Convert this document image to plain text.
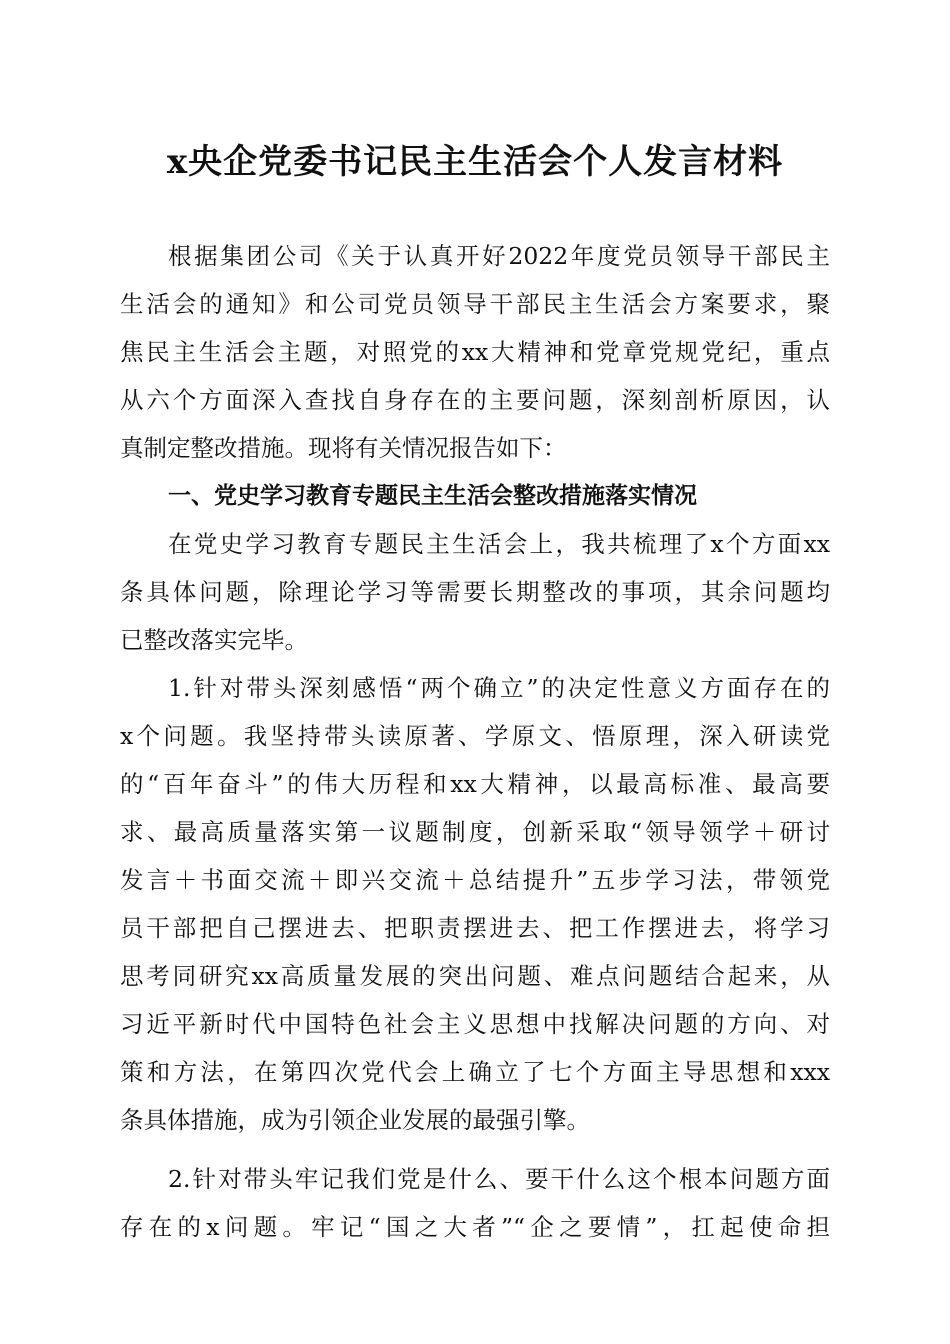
x央企党委书记民主生活会个人发言材料
根据集团公司《关于认真开好2022年度党员领导干部民主
生活会的通知》和公司党员领导干部民主生活会方案要求，聚
焦民主生活会主题，对照党的xx大精神和党章党规党纪，重点
从六个方面深入查找自身存在的主要问题，深刻剖析原因，认
真制定整改措施。现将有关情况报告如下：
一、党史学习教育专题民主生活会整改措施落实情况
在党史学习教育专题民主生活会上，我共梳理了x个方面xx
条具体问题，除理论学习等需要长期整改的事项，其余问题均
已整改落实完毕。
1.针对带头深刻感悟“两个确立”的决定性意义方面存在的
x个问题。我坚持带头读原著、学原文、悟原理，深入研读党
的“百年奋斗”的伟大历程和xx大精神，以最高标准、最高要
求、最高质量落实第一议题制度，创新采取“领导领学＋研讨
发言＋书面交流＋即兴交流＋总结提升”五步学习法，带领党
员干部把自己摆进去、把职责摆进去、把工作摆进去，将学习
思考同研究xx高质量发展的突出问题、难点问题结合起来，从
习近平新时代中国特色社会主义思想中找解决问题的方向、对
策和方法，在第四次党代会上确立了七个方面主导思想和xxx
条具体措施，成为引领企业发展的最强引擎。
2.针对带头牢记我们党是什么、要干什么这个根本问题方面
存在的x问题。牢记“国之大者”“企之要情”，扛起使命担
